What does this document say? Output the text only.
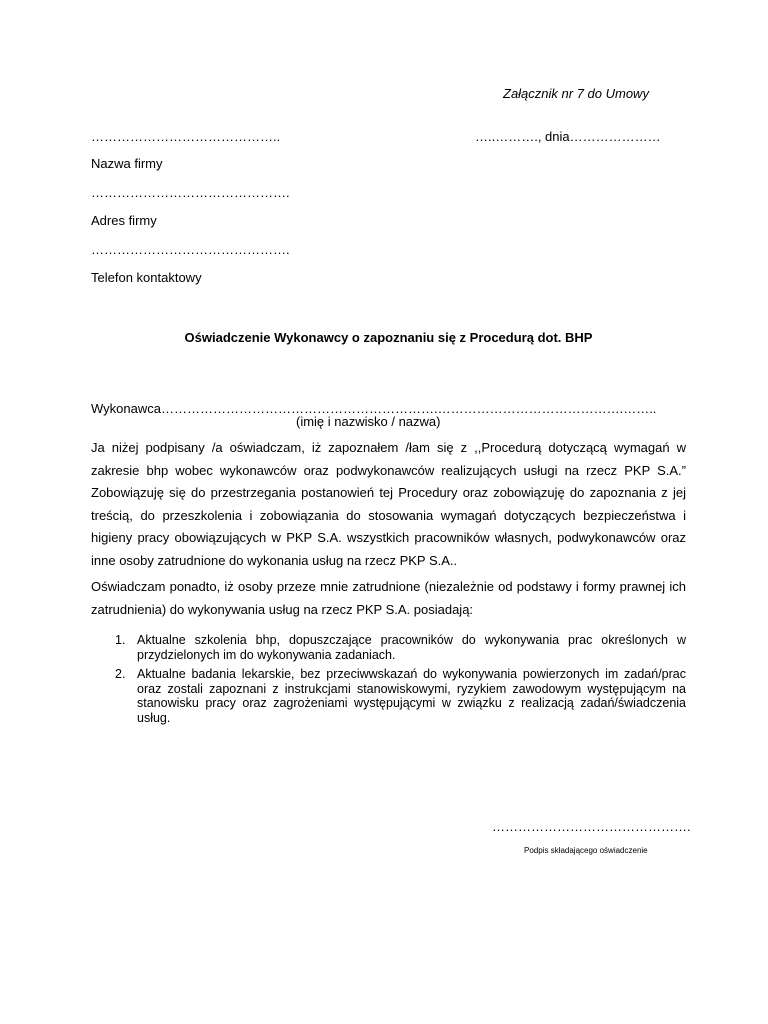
Załącznik nr 7 do Umowy
……………………………………..	…..………., dnia…………………
Nazwa firmy
……………………………………….
Adres firmy
……………………………………….
Telefon kontaktowy
Oświadczenie Wykonawcy o zapoznaniu się z Procedurą dot. BHP
Wykonawca……………………………………………………….…………………………………….……..
(imię i nazwisko / nazwa)
Ja niżej podpisany /a oświadczam, iż zapoznałem /łam się z ,,Procedurą dotyczącą wymagań w zakresie bhp wobec wykonawców oraz podwykonawców realizujących usługi na rzecz PKP S.A.” Zobowiązuję się do przestrzegania postanowień tej Procedury oraz zobowiązuję do zapoznania z jej treścią, do przeszkolenia i zobowiązania do stosowania wymagań dotyczących bezpieczeństwa i higieny pracy obowiązujących w PKP S.A. wszystkich pracowników własnych, podwykonawców oraz inne osoby zatrudnione do wykonania usług na rzecz PKP S.A..
Oświadczam ponadto, iż osoby przeze mnie zatrudnione (niezależnie od podstawy i formy prawnej ich zatrudnienia) do wykonywania usług na rzecz PKP S.A. posiadają:
1. Aktualne szkolenia bhp, dopuszczające pracowników do wykonywania prac określonych w przydzielonych im do wykonywania zadaniach.
2. Aktualne badania lekarskie, bez przeciwwskazań do wykonywania powierzonych im zadań/prac oraz zostali zapoznani z instrukcjami stanowiskowymi, ryzykiem zawodowym występującym na stanowisku pracy oraz zagrożeniami występującymi w związku z realizacją zadań/świadczenia usług.
……………………………………….
Podpis składającego oświadczenie
